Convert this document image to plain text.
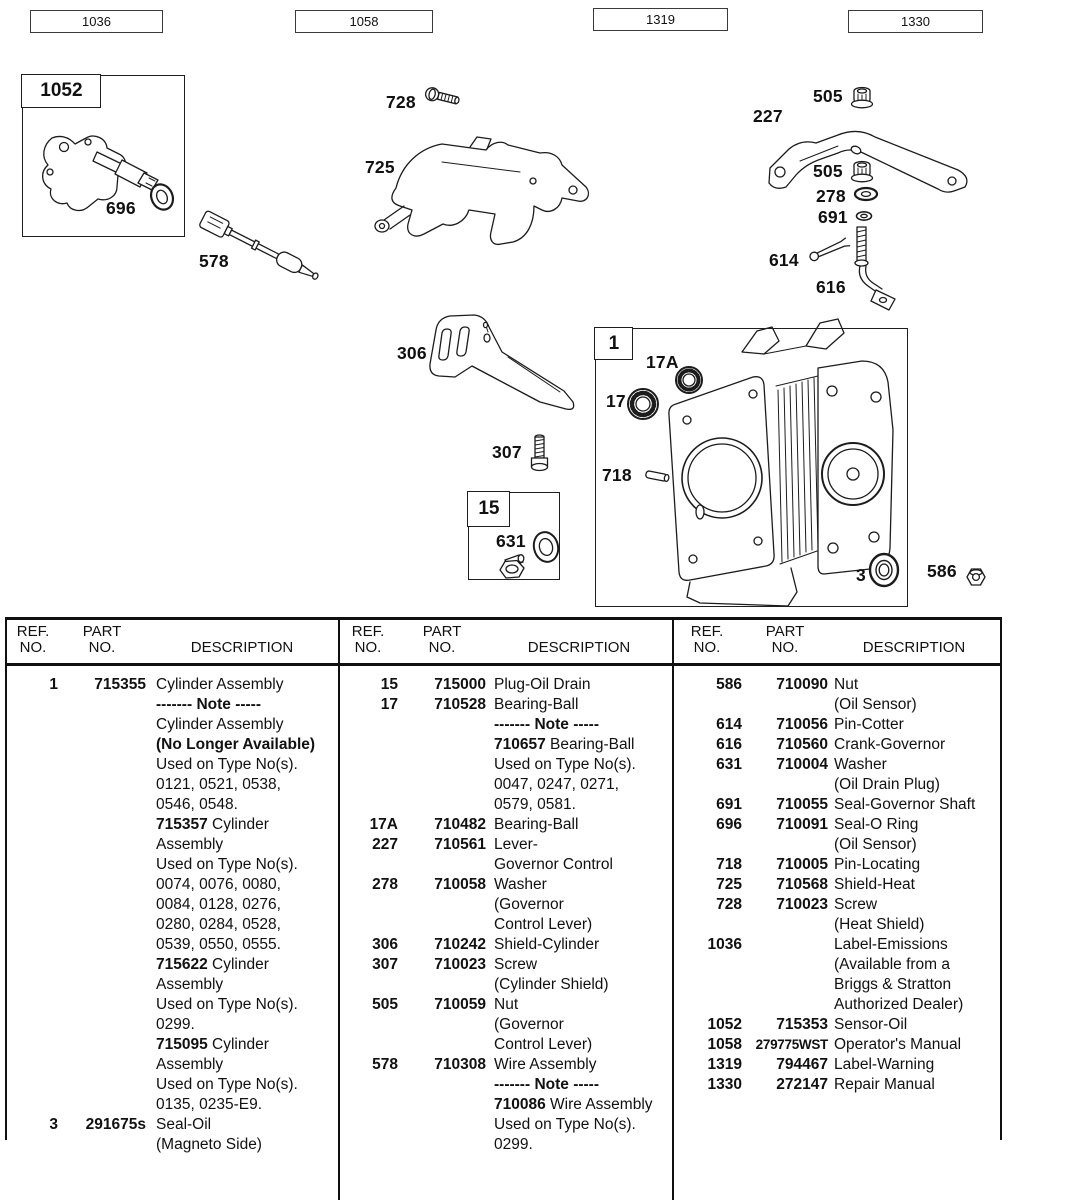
1036	1058	1319	1330
1052
15
1
696
578
728
725
505
227
505
278
691
614
616
306
307
631
17A
17
718
3	586
REF.
NO.
PART
NO.	DESCRIPTION
1	715355 Cylinder Assembly
------- Note -----
Cylinder Assembly
(No Longer Available)
Used on Type No(s).
0121, 0521, 0538,
0546, 0548.
715357 Cylinder
Assembly
Used on Type No(s).
0074, 0076, 0080,
0084, 0128, 0276,
0280, 0284, 0528,
0539, 0550, 0555.
715622 Cylinder
Assembly
Used on Type No(s).
0299.
715095 Cylinder
Assembly
Used on Type No(s).
0135, 0235-E9.
3	291675s Seal-Oil
(Magneto Side)
REF.
NO.
PART
NO.	DESCRIPTION
15	715000 Plug-Oil Drain
17	710528 Bearing-Ball
------- Note -----
710657 Bearing-Ball
Used on Type No(s).
0047, 0247, 0271,
0579, 0581.
17A	710482 Bearing-Ball
227	710561 Lever-
Governor Control
278	710058 Washer
(Governor
Control Lever)
306	710242 Shield-Cylinder
307	710023 Screw
(Cylinder Shield)
505	710059 Nut
(Governor
Control Lever)
578	710308 Wire Assembly
------- Note -----
710086 Wire Assembly
Used on Type No(s).
0299.
REF.
NO.
PART
NO.	DESCRIPTION
586	710090 Nut
(Oil Sensor)
614	710056 Pin-Cotter
616	710560 Crank-Governor
631	710004 Washer
(Oil Drain Plug)
691	710055 Seal-Governor Shaft
696	710091 Seal-O Ring
(Oil Sensor)
718	710005 Pin-Locating
725	710568 Shield-Heat
728	710023 Screw
(Heat Shield)
1036	Label-Emissions
(Available from a
Briggs & Stratton
Authorized Dealer)
1052	715353 Sensor-Oil
1058	279775WST Operator's Manual
1319	794467 Label-Warning
1330	272147 Repair Manual
